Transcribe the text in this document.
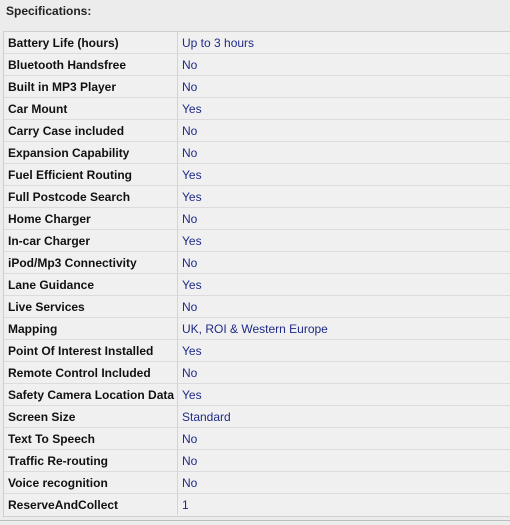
Specifications:
Battery Life (hours)	Up to 3 hours
Bluetooth Handsfree	No
Built in MP3 Player	No
Car Mount	Yes
Carry Case included	No
Expansion Capability	No
Fuel Efficient Routing	Yes
Full Postcode Search	Yes
Home Charger	No
In-car Charger	Yes
iPod/Mp3 Connectivity	No
Lane Guidance	Yes
Live Services	No
Mapping	UK, ROI & Western Europe
Point Of Interest Installed	Yes
Remote Control Included	No
Safety Camera Location Data	Yes
Screen Size	Standard
Text To Speech	No
Traffic Re-routing	No
Voice recognition	No
ReserveAndCollect	1
